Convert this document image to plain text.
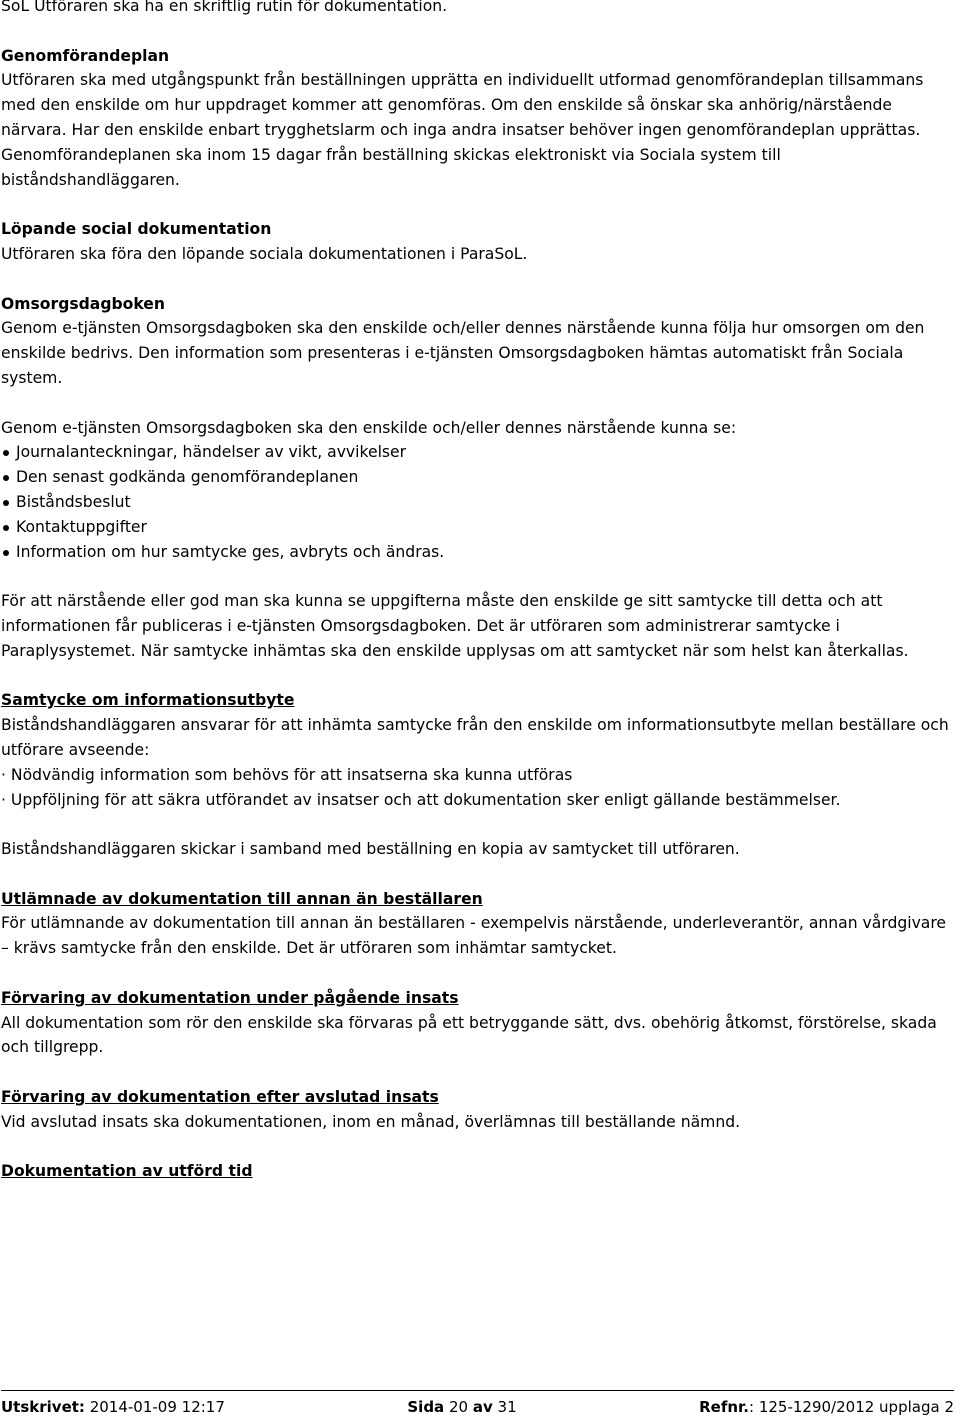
SoL Utföraren ska ha en skriftlig rutin för dokumentation.

Genomförandeplan

Utföraren ska med utgångspunkt från beställningen upprätta en individuellt utformad genomförandeplan tillsammans med den enskilde om hur uppdraget kommer att genomföras. Om den enskilde så önskar ska anhörig/närstående närvara. Har den enskilde enbart trygghetslarm och inga andra insatser behöver ingen genomförandeplan upprättas. Genomförandeplanen ska inom 15 dagar från beställning skickas elektroniskt via Sociala system till biståndshandläggaren.

Löpande social dokumentation

Utföraren ska föra den löpande sociala dokumentationen i ParaSoL.

Omsorgsdagboken

Genom e-tjänsten Omsorgsdagboken ska den enskilde och/eller dennes närstående kunna följa hur omsorgen om den enskilde bedrivs. Den information som presenteras i e-tjänsten Omsorgsdagboken hämtas automatiskt från Sociala system.

Genom e-tjänsten Omsorgsdagboken ska den enskilde och/eller dennes närstående kunna se:

Journalanteckningar, händelser av vikt, avvikelser
Den senast godkända genomförandeplanen
Biståndsbeslut
Kontaktuppgifter
Information om hur samtycke ges, avbryts och ändras.

För att närstående eller god man ska kunna se uppgifterna måste den enskilde ge sitt samtycke till detta och att informationen får publiceras i e-tjänsten Omsorgsdagboken. Det är utföraren som administrerar samtycke i Paraplysystemet. När samtycke inhämtas ska den enskilde upplysas om att samtycket när som helst kan återkallas.

Samtycke om informationsutbyte

Biståndshandläggaren ansvarar för att inhämta samtycke från den enskilde om informationsutbyte mellan beställare och utförare avseende:

· Nödvändig information som behövs för att insatserna ska kunna utföras

· Uppföljning för att säkra utförandet av insatser och att dokumentation sker enligt gällande bestämmelser.

Biståndshandläggaren skickar i samband med beställning en kopia av samtycket till utföraren.

Utlämnade av dokumentation till annan än beställaren

För utlämnande av dokumentation till annan än beställaren - exempelvis närstående, underleverantör, annan vårdgivare – krävs samtycke från den enskilde. Det är utföraren som inhämtar samtycket.

Förvaring av dokumentation under pågående insats

All dokumentation som rör den enskilde ska förvaras på ett betryggande sätt, dvs. obehörig åtkomst, förstörelse, skada och tillgrepp.

Förvaring av dokumentation efter avslutad insats

Vid avslutad insats ska dokumentationen, inom en månad, överlämnas till beställande nämnd.

Dokumentation av utförd tid

Utskrivet: 2014-01-09 12:17	Sida 20 av 31	Refnr.: 125-1290/2012 upplaga 2
